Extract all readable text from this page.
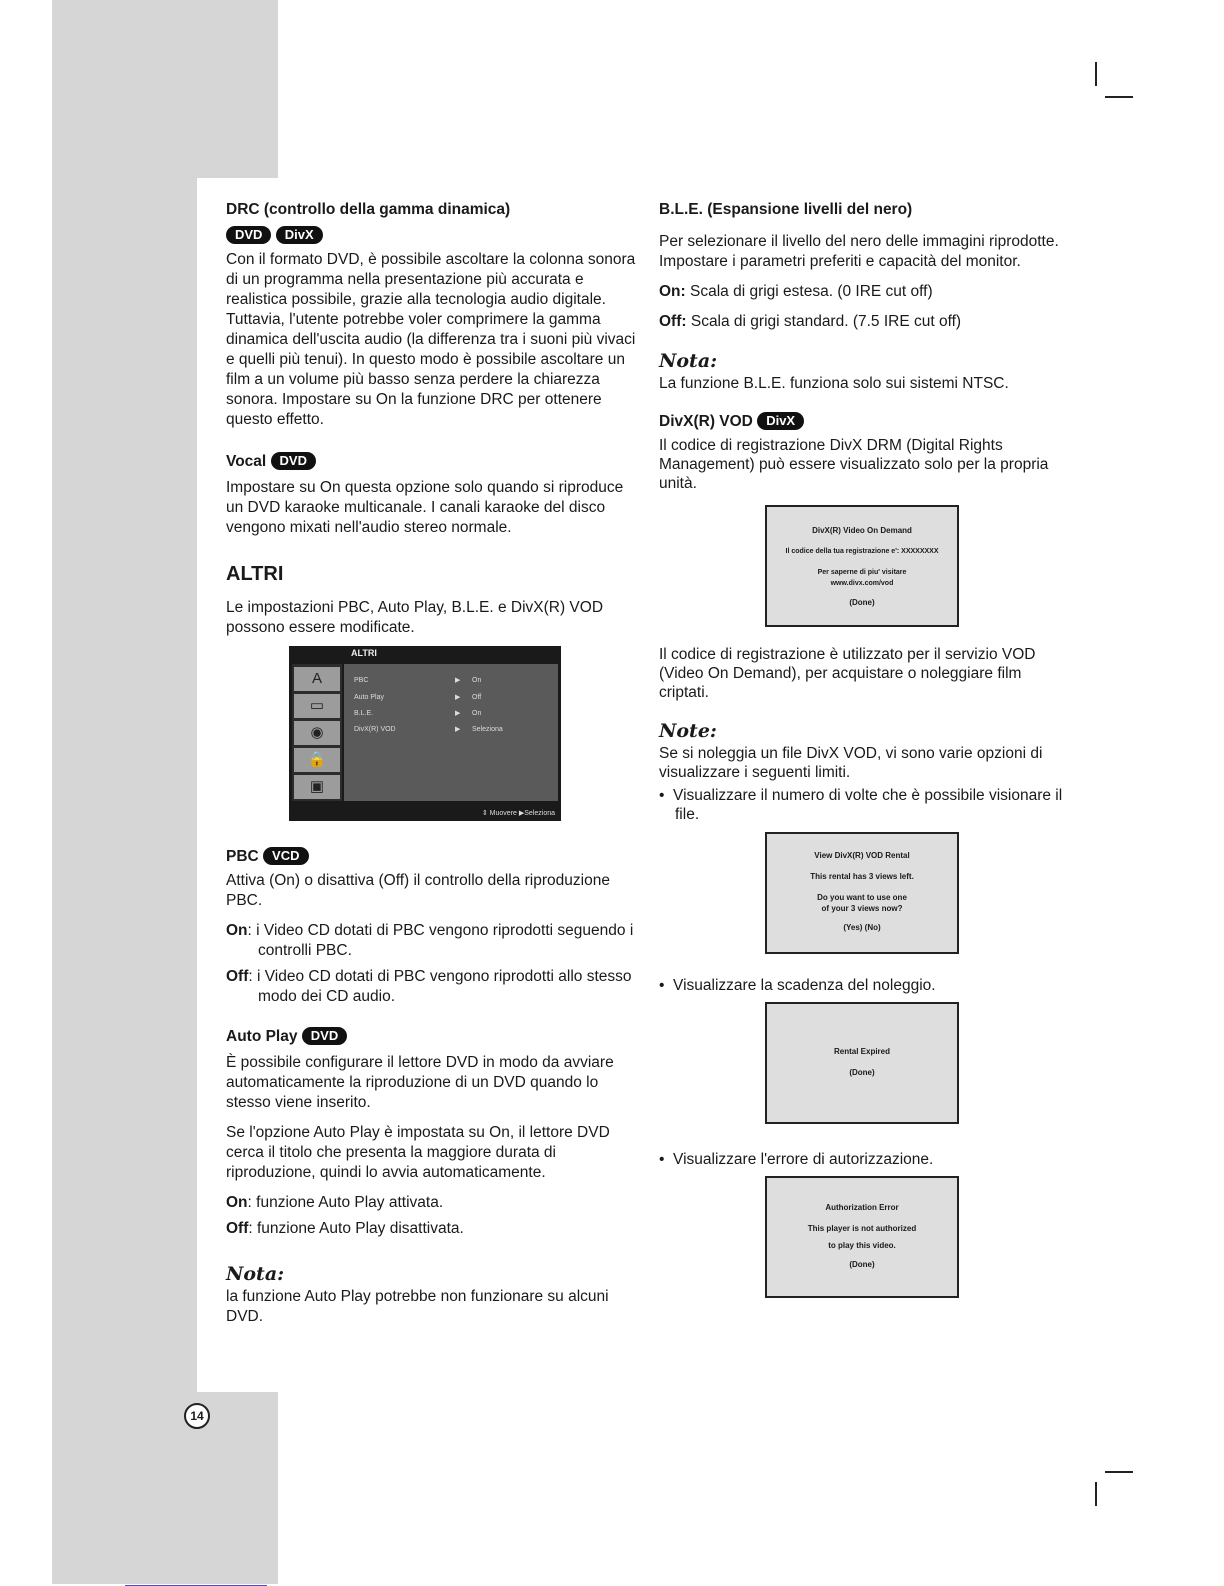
14
DRC (controllo della gamma dinamica)
DVD DivX

Con il formato DVD, è possibile ascoltare la colonna sonora di un programma nella presentazione più accurata e realistica possibile, grazie alla tecnologia audio digitale. Tuttavia, l'utente potrebbe voler comprimere la gamma dinamica dell'uscita audio (la differenza tra i suoni più vivaci e quelli più tenui). In questo modo è possibile ascoltare un film a un volume più basso senza perdere la chiarezza sonora. Impostare su On la funzione DRC per ottenere questo effetto.

Vocal DVD

Impostare su On questa opzione solo quando si riproduce un DVD karaoke multicanale. I canali karaoke del disco vengono mixati nell'audio stereo normale.

ALTRI

Le impostazioni PBC, Auto Play, B.L.E. e DivX(R) VOD possono essere modificate.

ALTRI
A
▭
◉
🔒
▣
PBC	▶ On
Auto Play	▶ Off
B.L.E.	▶ On
DivX(R) VOD	▶ Seleziona
⇕ Muovere ▶Seleziona
PBC VCD

Attiva (On) o disattiva (Off) il controllo della riproduzione PBC.

On: i Video CD dotati di PBC vengono riprodotti seguendo i controlli PBC.

Off: i Video CD dotati di PBC vengono riprodotti allo stesso modo dei CD audio.

Auto Play DVD

È possibile configurare il lettore DVD in modo da avviare automaticamente la riproduzione di un DVD quando lo stesso viene inserito.

Se l'opzione Auto Play è impostata su On, il lettore DVD cerca il titolo che presenta la maggiore durata di riproduzione, quindi lo avvia automaticamente.

On: funzione Auto Play attivata.

Off: funzione Auto Play disattivata.

Nota:

la funzione Auto Play potrebbe non funzionare su alcuni DVD.

B.L.E. (Espansione livelli del nero)

Per selezionare il livello del nero delle immagini riprodotte. Impostare i parametri preferiti e capacità del monitor.

On: Scala di grigi estesa. (0 IRE cut off)

Off: Scala di grigi standard. (7.5 IRE cut off)

Nota:

La funzione B.L.E. funziona solo sui sistemi NTSC.

DivX(R) VOD DivX

Il codice di registrazione DivX DRM (Digital Rights Management) può essere visualizzato solo per la propria unità.

DivX(R) Video On Demand
Il codice della tua registrazione e': XXXXXXXX
Per saperne di piu' visitare
www.divx.com/vod
(Done)

Il codice di registrazione è utilizzato per il servizio VOD (Video On Demand), per acquistare o noleggiare film criptati.

Note:

Se si noleggia un file DivX VOD, vi sono varie opzioni di visualizzare i seguenti limiti.

•  Visualizzare il numero di volte che è possibile visionare il file.

View DivX(R) VOD Rental
This rental has 3 views left.
Do you want to use one
of your 3 views now?
(Yes) (No)

•  Visualizzare la scadenza del noleggio.

Rental Expired
(Done)

•  Visualizzare l'errore di autorizzazione.

Authorization Error
This player is not authorized
to play this video.
(Done)
